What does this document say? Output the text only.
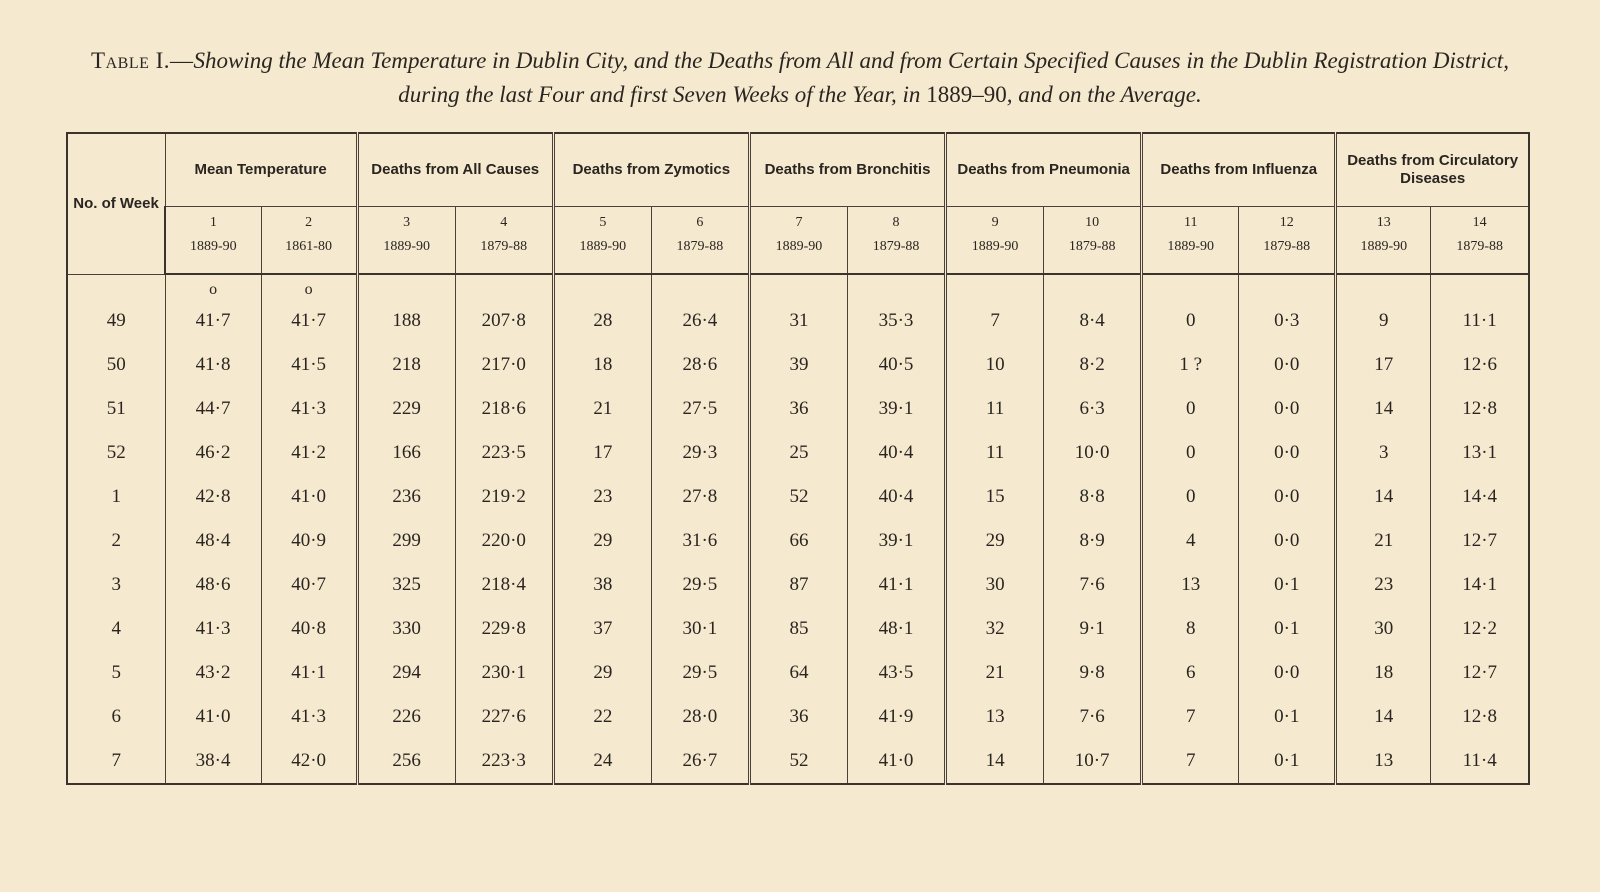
Table I.—Showing the Mean Temperature in Dublin City, and the Deaths from All and from Certain Specified Causes in the Dublin Registration District, during the last Four and first Seven Weeks of the Year, in 1889–90, and on the Average.
No. of Week	Mean Temperature		Deaths from All Causes		Deaths from Zymotics		Deaths from Bronchitis		Deaths from Pneumonia		Deaths from Influenza		Deaths from Circulatory Diseases	
	1	2	3	4	5	6	7	8	9	10	11	12	13	14
	1889-90	1861-80	1889-90	1879-88	1889-90	1879-88	1889-90	1879-88	1889-90	1879-88	1889-90	1879-88	1889-90	1879-88
	o	o												
49	41·7	41·7	188	207·8	28	26·4	31	35·3	7	8·4	0	0·3	9	11·1
50	41·8	41·5	218	217·0	18	28·6	39	40·5	10	8·2	1 ?	0·0	17	12·6
51	44·7	41·3	229	218·6	21	27·5	36	39·1	11	6·3	0	0·0	14	12·8
52	46·2	41·2	166	223·5	17	29·3	25	40·4	11	10·0	0	0·0	3	13·1
1	42·8	41·0	236	219·2	23	27·8	52	40·4	15	8·8	0	0·0	14	14·4
2	48·4	40·9	299	220·0	29	31·6	66	39·1	29	8·9	4	0·0	21	12·7
3	48·6	40·7	325	218·4	38	29·5	87	41·1	30	7·6	13	0·1	23	14·1
4	41·3	40·8	330	229·8	37	30·1	85	48·1	32	9·1	8	0·1	30	12·2
5	43·2	41·1	294	230·1	29	29·5	64	43·5	21	9·8	6	0·0	18	12·7
6	41·0	41·3	226	227·6	22	28·0	36	41·9	13	7·6	7	0·1	14	12·8
7	38·4	42·0	256	223·3	24	26·7	52	41·0	14	10·7	7	0·1	13	11·4
